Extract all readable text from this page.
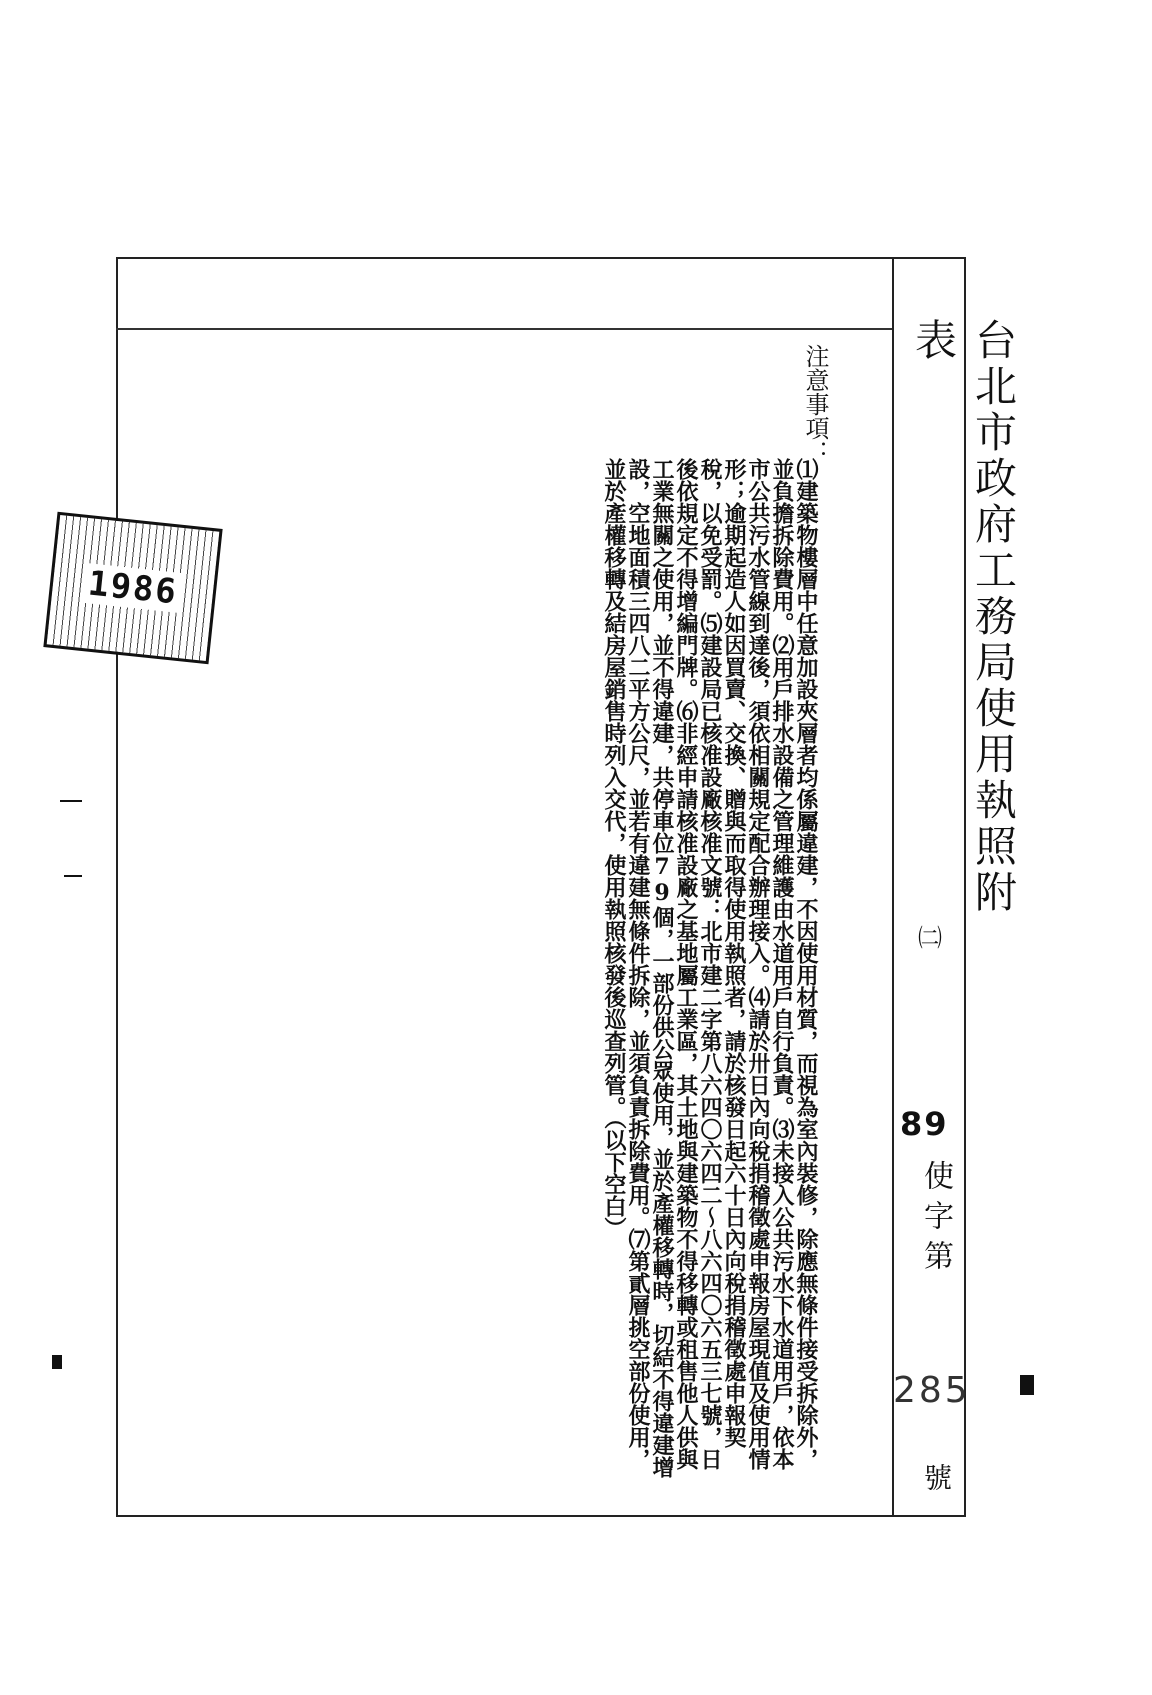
台北市政府工務局使用執照附表
㈡
89
使字第
285
號
注意事項：
⑴建築物樓層中任意加設夾層者均係屬違建，不因使用材質，而視為室內裝修，除應無條件接受拆除外，並負擔拆除費用。⑵用戶排水設備之管理維護由水道用戶自行負責。⑶未接入公共污水下水道用戶，依本市公共污水管線到達後，須依相關規定配合辦理接入。⑷請於卅日內向稅捐稽徵處申報房屋現值及使用情形；逾期起造人如因買賣、交換、贈與而取得使用執照者，請於核發日起六十日內向稅捐稽徵處申報契稅，以免受罰。⑸建設局已核准設廠核准文號：北市建二字第八六四〇六四二～八六四〇六五三七號，日後依規定不得增編門牌。⑹非經申請核准設廠之基地屬工業區，其土地與建築物不得移轉或租售他人供與工業無關之使用，並不得違建，共停車位79個，一部份供公眾使用，並於產權移轉時，切結不得違建增設，空地面積三四八二平方公尺，並若有違建無條件拆除，並須負責拆除費用。⑺第貳層挑空部份使用，並於產權移轉及結房屋銷售時列入交代，使用執照核發後巡查列管。（以下空白）
1986
